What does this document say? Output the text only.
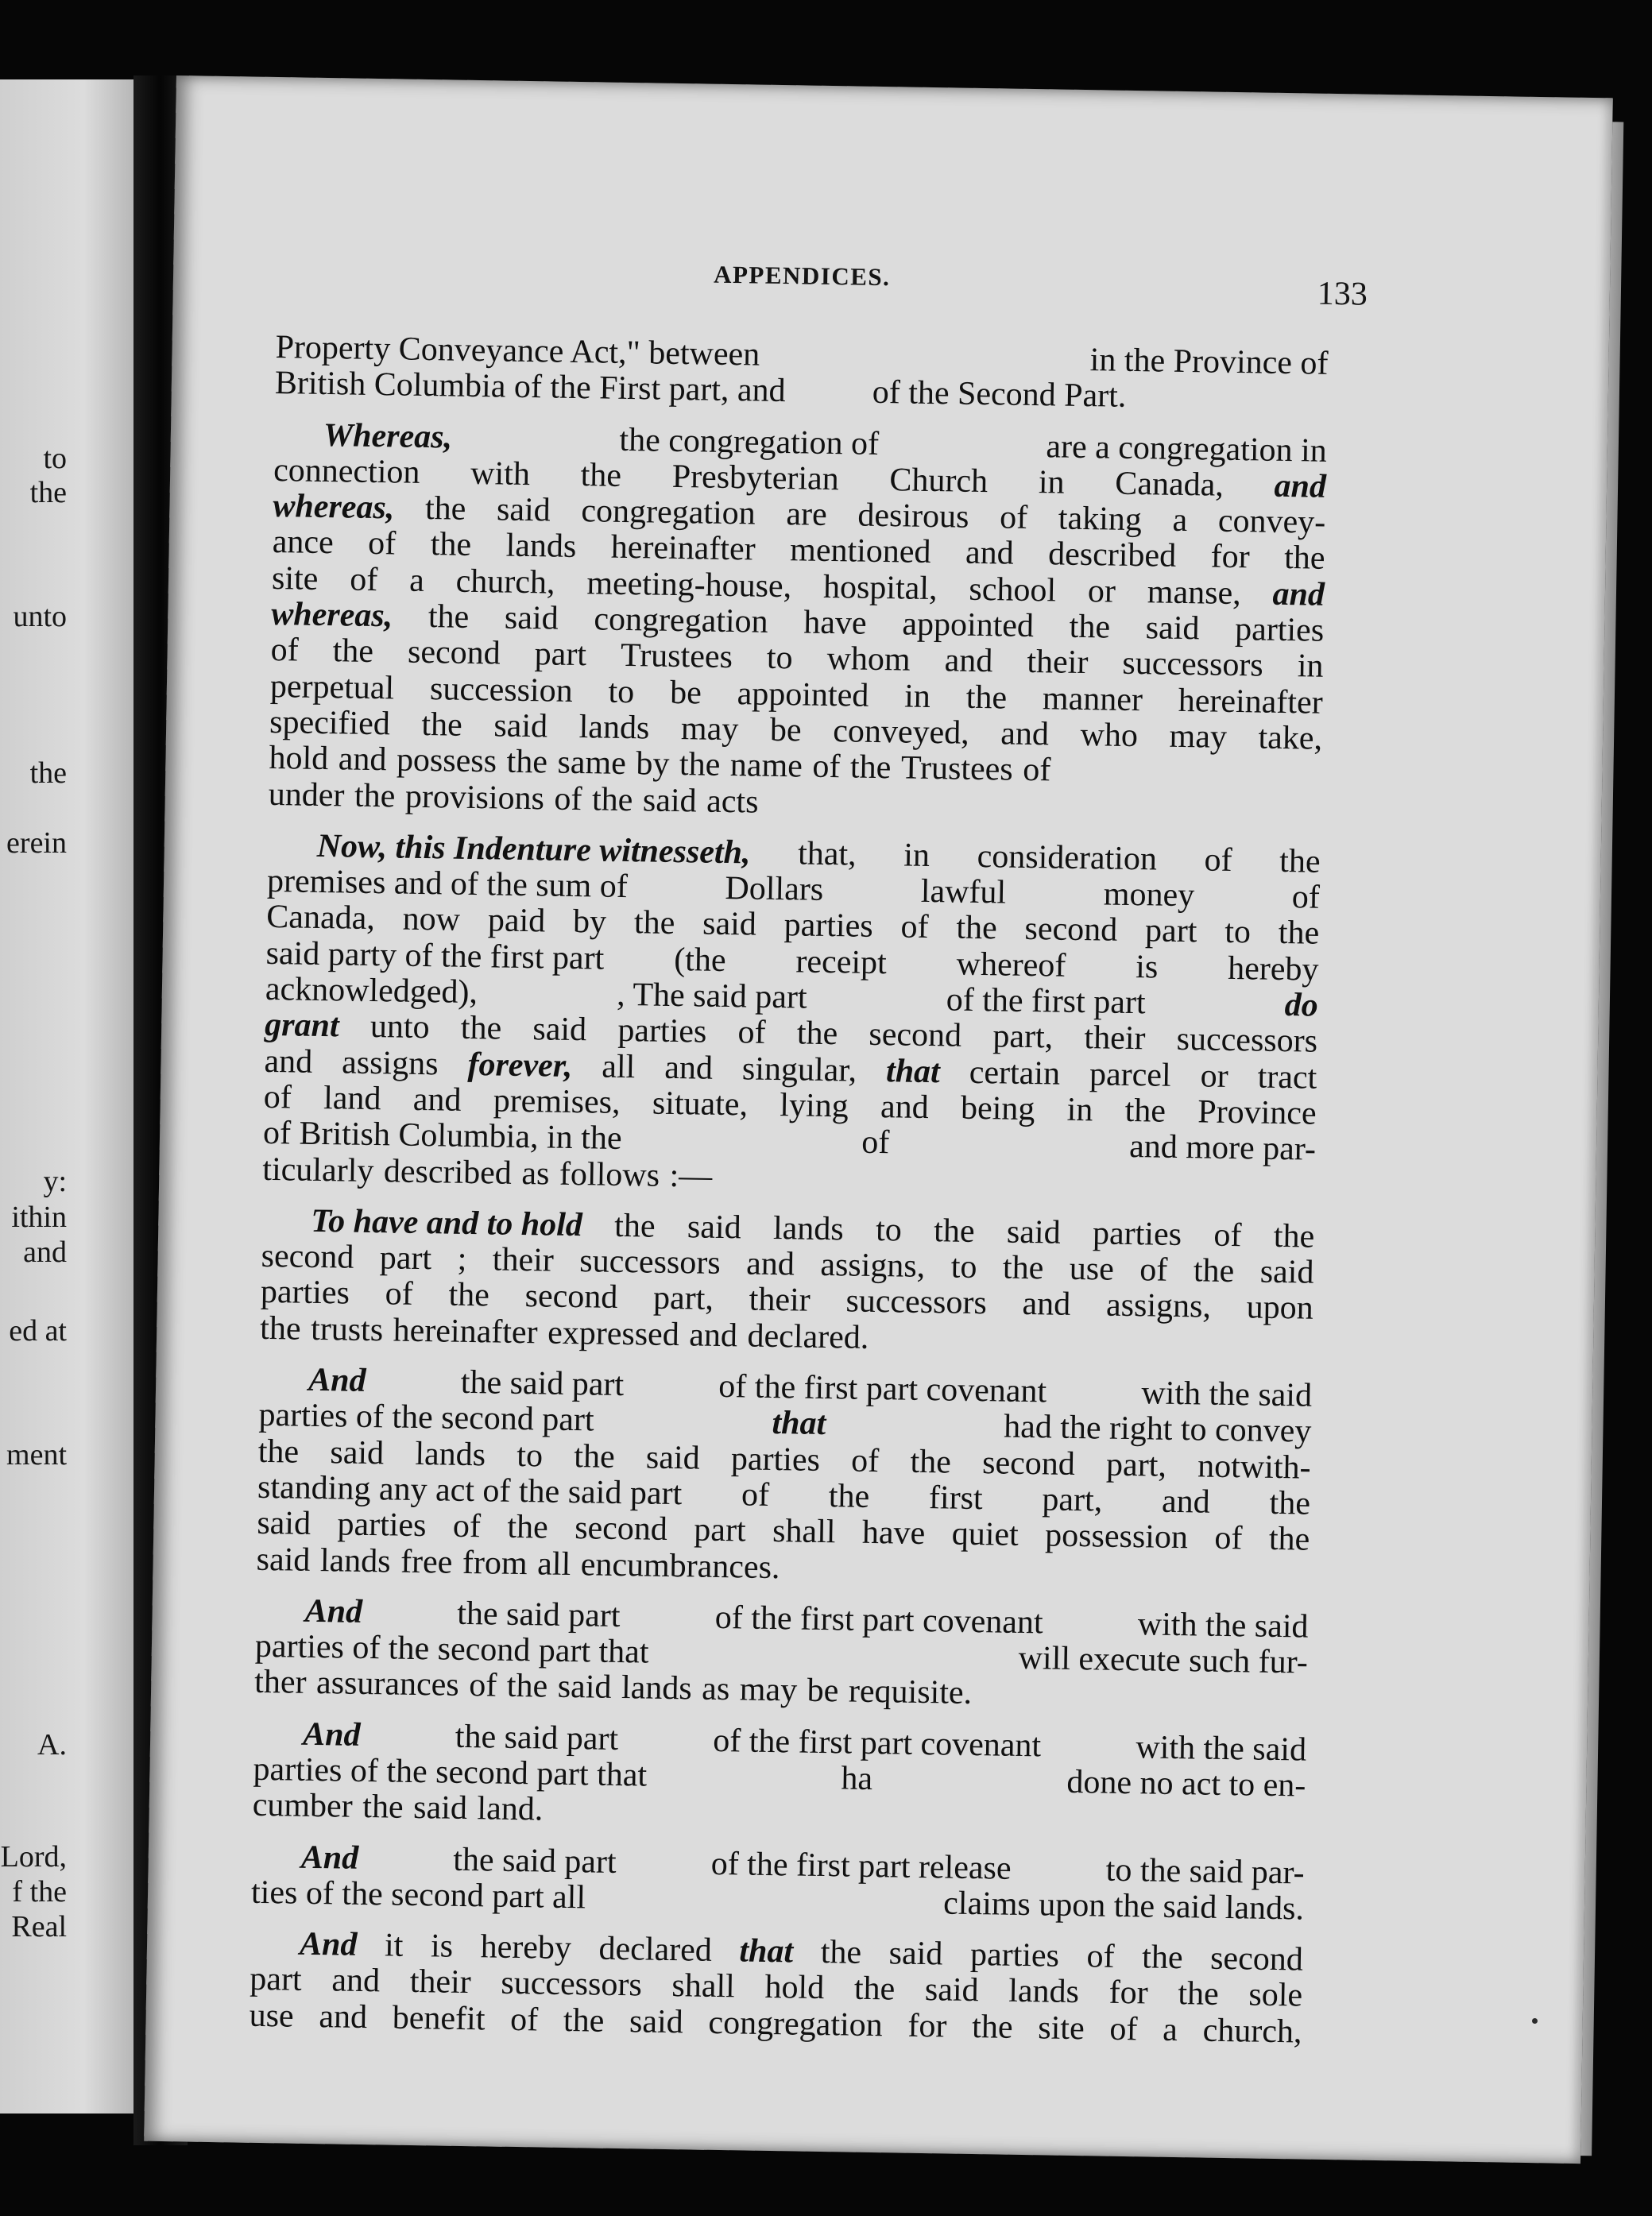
to

the

unto

the

erein

y:

ithin

and

ed at

ment

A.

Lord,

f the

Real

APPENDICES.	133

Property Conveyance Act," between	in the Province of
British Columbia of the First part, and	of the Second Part.
Whereas,	the congregation of	are a congregation in
connection with the Presbyterian Church in Canada, and
whereas, the said congregation are desirous of taking a convey-
ance of the lands hereinafter mentioned and described for the
site of a church, meeting-house, hospital, school or manse, and
whereas, the said congregation have appointed the said parties
of the second part Trustees to whom and their successors in
perpetual succession to be appointed in the manner hereinafter
specified the said lands may be conveyed, and who may take,
hold and possess the same by the name of the Trustees of
under the provisions of the said acts
Now, this Indenture witnesseth, that, in consideration of the
premises and of the sum of	Dollars	lawful	money	of
Canada, now paid by the said parties of the second part to the
said party of the first part (the receipt whereof is hereby
acknowledged),	, The said part	of the first part	do
grant unto the said parties of the second part, their successors
and assigns forever, all and singular, that certain parcel or tract
of land and premises, situate, lying and being in the Province
of British Columbia, in the	of	and more par-
ticularly described as follows :—
To have and to hold the said lands to the said parties of the
second part ; their successors and assigns, to the use of the said
parties of the second part, their successors and assigns, upon
the trusts hereinafter expressed and declared.
And	the said part	of the first part covenant	with the said
parties of the second part	that	had the right to convey
the said lands to the said parties of the second part, notwith-
standing any act of the said part of the first part, and the
said parties of the second part shall have quiet possession of the
said lands free from all encumbrances.
And	the said part	of the first part covenant	with the said
parties of the second part that	will execute such fur-
ther assurances of the said lands as may be requisite.
And	the said part	of the first part covenant	with the said
parties of the second part that	ha	done no act to en-
cumber the said land.
And	the said part	of the first part release	to the said par-
ties of the second part all	claims upon the said lands.
And it is hereby declared that the said parties of the second
part and their successors shall hold the said lands for the sole
use and benefit of the said congregation for the site of a church,
